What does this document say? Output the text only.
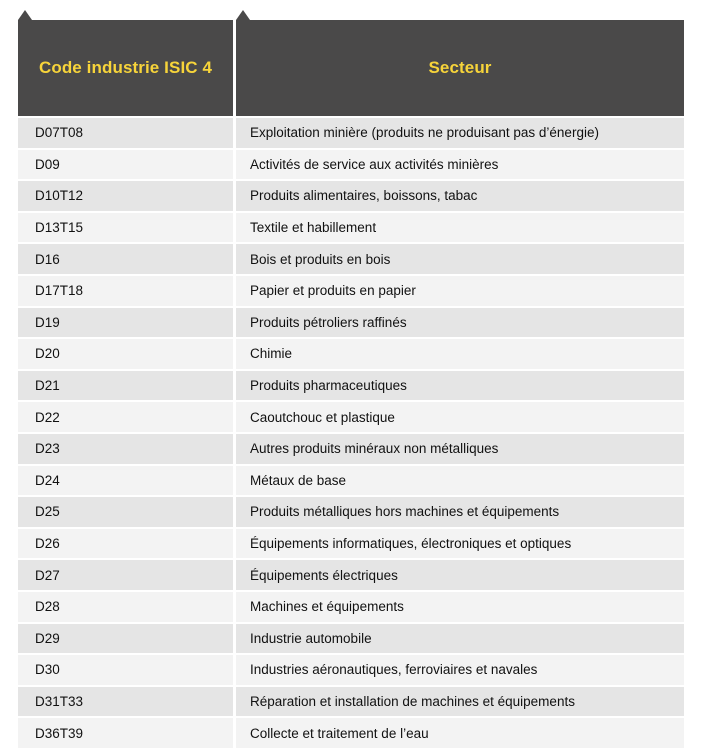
Code industrie ISIC 4	Secteur
D07T08	Exploitation minière (produits ne produisant pas d’énergie)
D09	Activités de service aux activités minières
D10T12	Produits alimentaires, boissons, tabac
D13T15	Textile et habillement
D16	Bois et produits en bois
D17T18	Papier et produits en papier
D19	Produits pétroliers raffinés
D20	Chimie
D21	Produits pharmaceutiques
D22	Caoutchouc et plastique
D23	Autres produits minéraux non métalliques
D24	Métaux de base
D25	Produits métalliques hors machines et équipements
D26	Équipements informatiques, électroniques et optiques
D27	Équipements électriques
D28	Machines et équipements
D29	Industrie automobile
D30	Industries aéronautiques, ferroviaires et navales
D31T33	Réparation et installation de machines et équipements
D36T39	Collecte et traitement de l’eau
